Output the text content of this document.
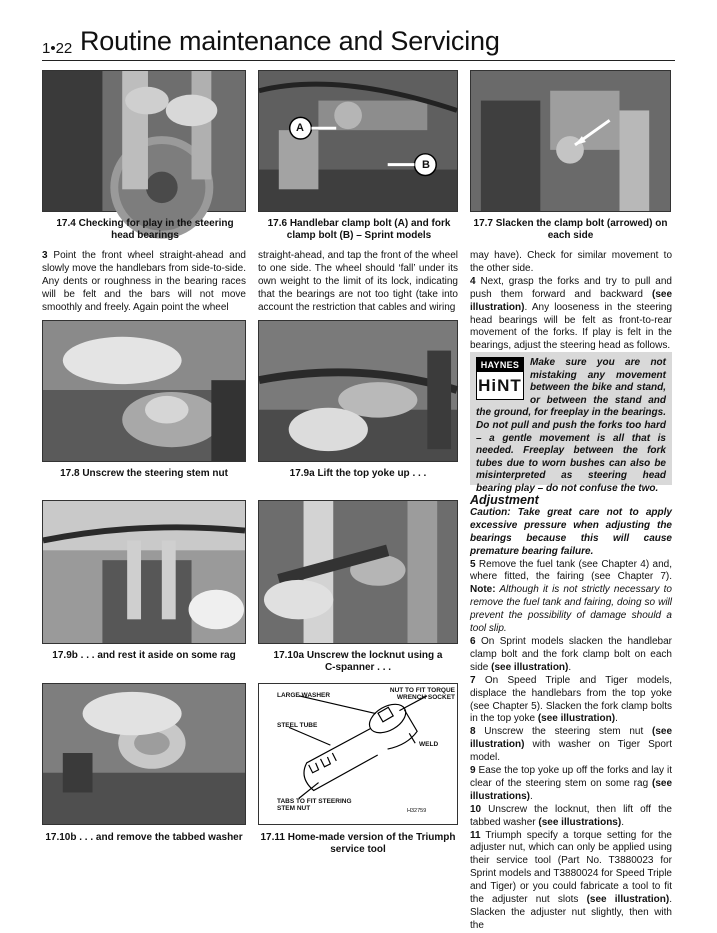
1•22 Routine maintenance and Servicing
A
B
17.4 Checking for play in the steering head bearings
17.6 Handlebar clamp bolt (A) and fork clamp bolt (B) – Sprint models
17.7 Slacken the clamp bolt (arrowed) on each side

3 Point the front wheel straight-ahead and slowly move the handlebars from side-to-side. Any dents or roughness in the bearing races will be felt and the bars will not move smoothly and freely. Again point the wheel

straight-ahead, and tap the front of the wheel to one side. The wheel should ‘fall’ under its own weight to the limit of its lock, indicating that the bearings are not too tight (take into account the restriction that cables and wiring

17.8 Unscrew the steering stem nut	17.9a Lift the top yoke up . . .
17.9b . . . and rest it aside on some rag	17.10a Unscrew the locknut using a C-spanner . . .
LARGE WASHER
NUT TO FIT TORQUE WRENCH SOCKET
STEEL TUBE
WELD
TABS TO FIT STEERING STEM NUT	H32759
17.10b . . . and remove the tabbed washer	17.11 Home-made version of the Triumph service tool

may have). Check for similar movement to the other side.

4 Next, grasp the forks and try to pull and push them forward and backward (see illustration). Any looseness in the steering head bearings will be felt as front-to-rear movement of the forks. If play is felt in the bearings, adjust the steering head as follows.

HAYNES
HiNT
Make sure you are not mistaking any movement between the bike and stand, or between the stand and the ground, for freeplay in the bearings. Do not pull and push the forks too hard – a gentle movement is all that is needed. Freeplay between the fork tubes due to worn bushes can also be misinterpreted as steering head bearing play – do not confuse the two.

Adjustment

Caution: Take great care not to apply excessive pressure when adjusting the bearings because this will cause premature bearing failure.

5 Remove the fuel tank (see Chapter 4) and, where fitted, the fairing (see Chapter 7). Note: Although it is not strictly necessary to remove the fuel tank and fairing, doing so will prevent the possibility of damage should a tool slip.

6 On Sprint models slacken the handlebar clamp bolt and the fork clamp bolt on each side (see illustration).

7 On Speed Triple and Tiger models, displace the handlebars from the top yoke (see Chapter 5). Slacken the fork clamp bolts in the top yoke (see illustration).

8 Unscrew the steering stem nut (see illustration) with washer on Tiger Sport model.

9 Ease the top yoke up off the forks and lay it clear of the steering stem on some rag (see illustrations).

10 Unscrew the locknut, then lift off the tabbed washer (see illustrations).

11 Triumph specify a torque setting for the adjuster nut, which can only be applied using their service tool (Part No. T3880023 for Sprint models and T3880024 for Speed Triple and Tiger) or you could fabricate a tool to fit the adjuster nut slots (see illustration). Slacken the adjuster nut slightly, then with the
